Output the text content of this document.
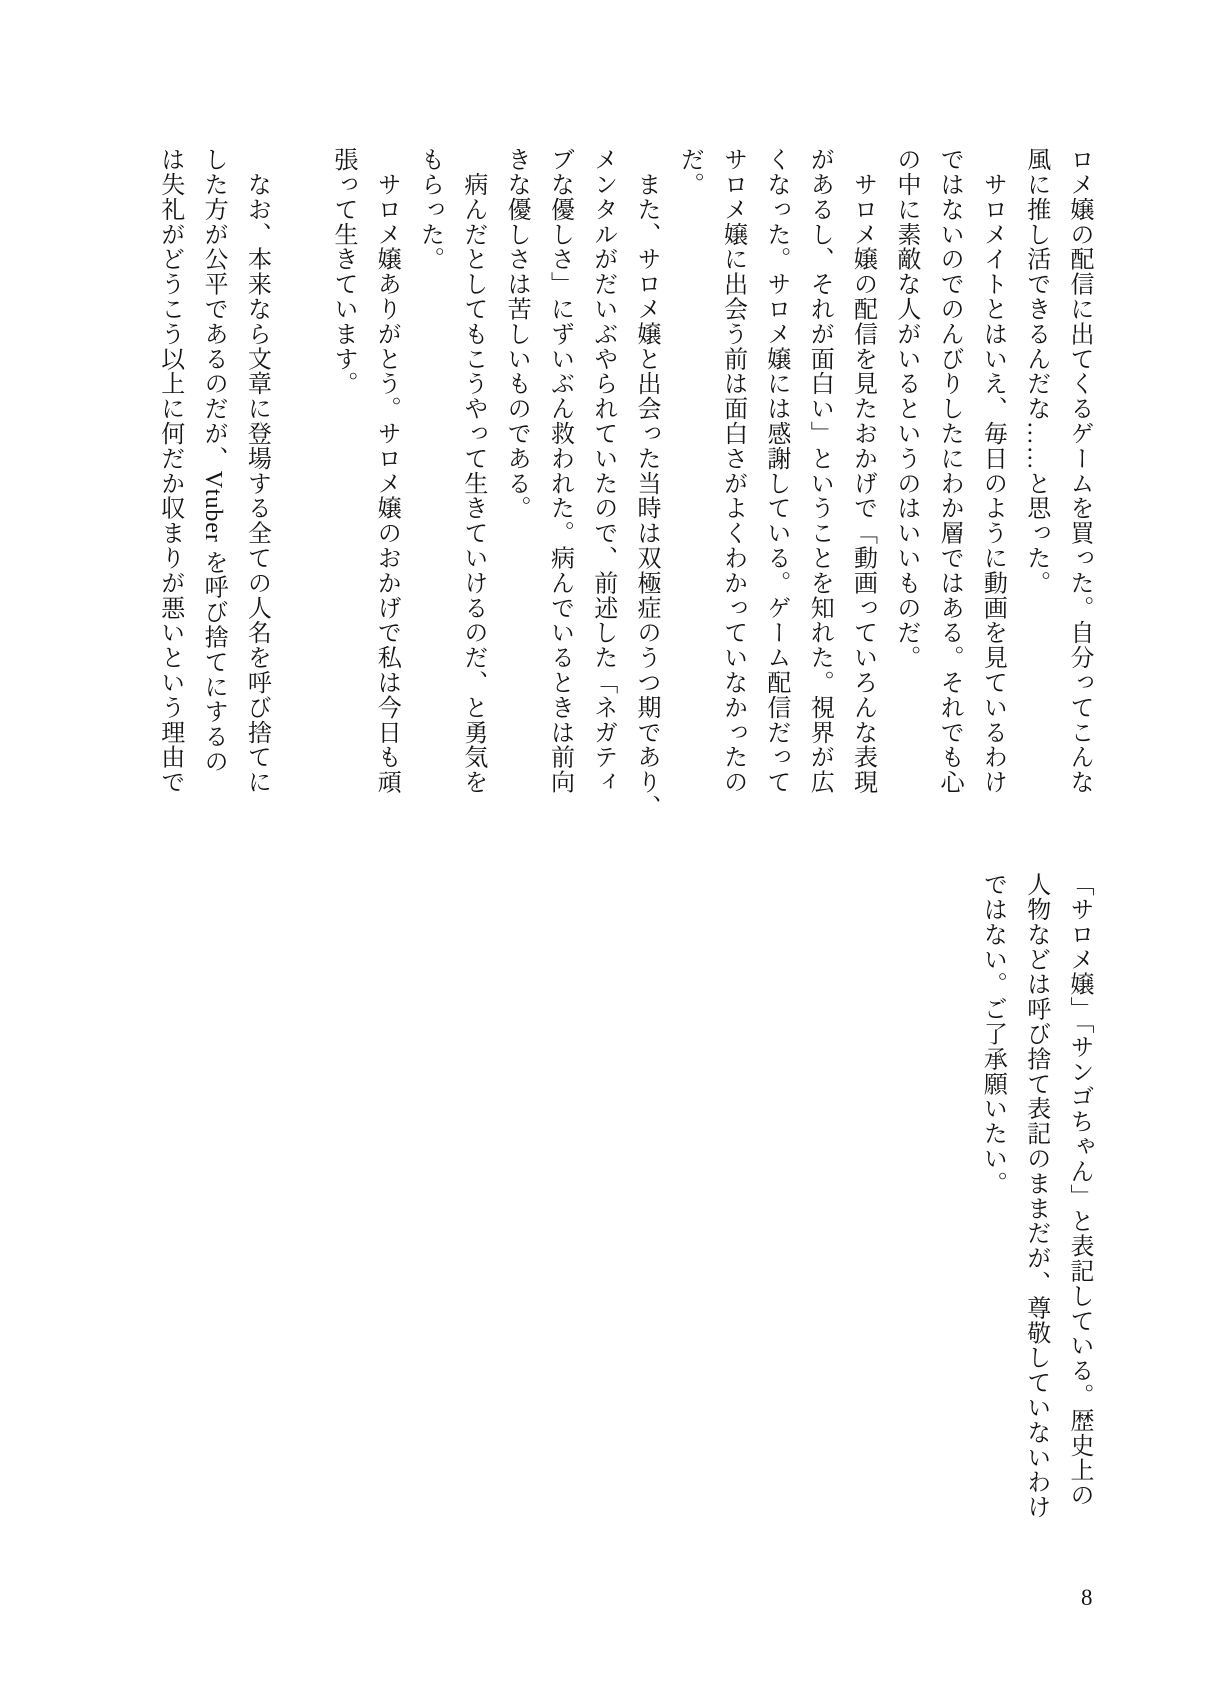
ロメ嬢の配信に出てくるゲームを買った。自分ってこんな

風に推し活できるんだな……と思った。

　サロメイトとはいえ、毎日のように動画を見ているわけ

ではないのでのんびりしたにわか層ではある。それでも心

の中に素敵な人がいるというのはいいものだ。

　サロメ嬢の配信を見たおかげで「動画っていろんな表現

があるし、それが面白い」ということを知れた。視界が広

くなった。サロメ嬢には感謝している。ゲーム配信だって

サロメ嬢に出会う前は面白さがよくわかっていなかったの

だ。

　また、サロメ嬢と出会った当時は双極症のうつ期であり、

メンタルがだいぶやられていたので、前述した「ネガティ

ブな優しさ」にずいぶん救われた。病んでいるときは前向

きな優しさは苦しいものである。

　病んだとしてもこうやって生きていけるのだ、と勇気を

もらった。

　サロメ嬢ありがとう。サロメ嬢のおかげで私は今日も頑

張って生きています。

　なお、本来なら文章に登場する全ての人名を呼び捨てに

した方が公平であるのだが、Vtuber を呼び捨てにするの

は失礼がどうこう以上に何だか収まりが悪いという理由で

「サロメ嬢」「サンゴちゃん」と表記している。歴史上の

人物などは呼び捨て表記のままだが、尊敬していないわけ

ではない。ご了承願いたい。

8
